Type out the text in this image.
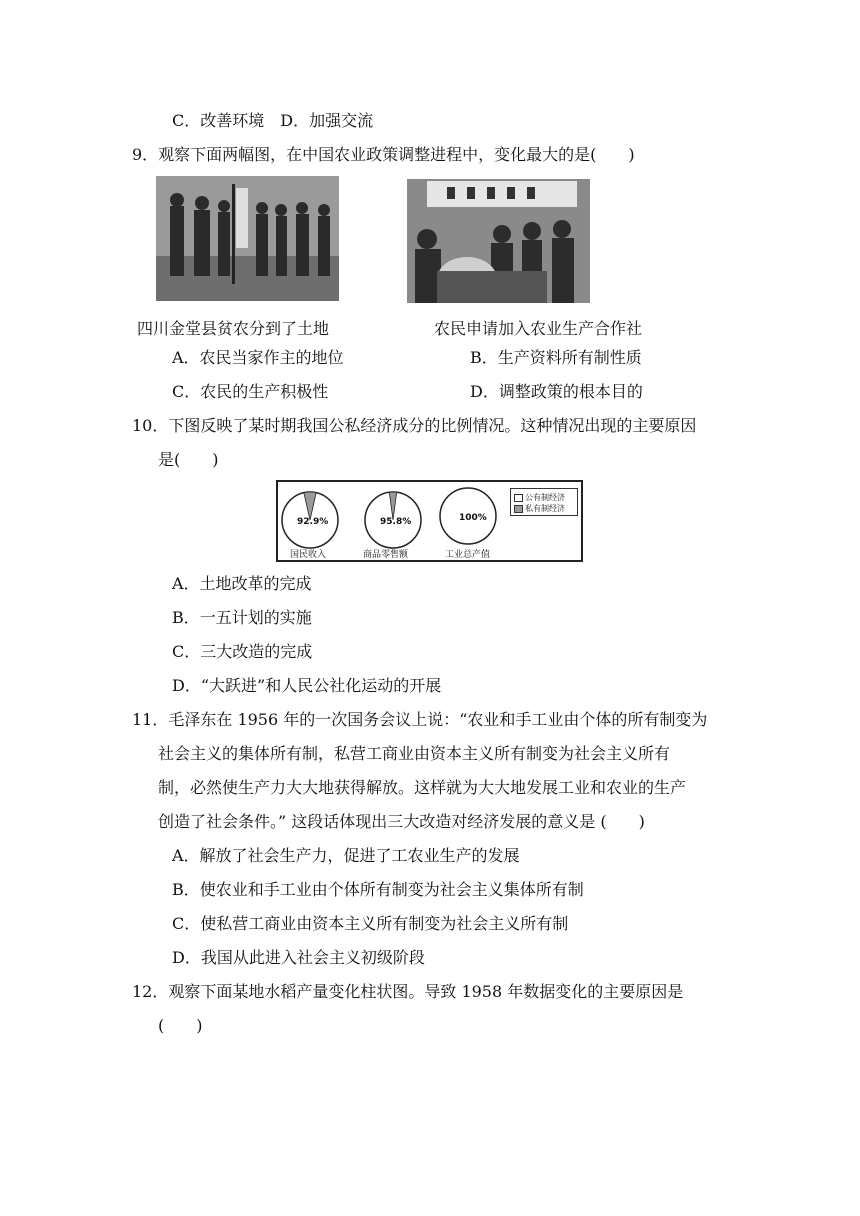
C．改善环境　D．加强交流
9．观察下面两幅图，在中国农业政策调整进程中，变化最大的是(　　)
四川金堂县贫农分到了土地	农民申请加入农业生产合作社
A．农民当家作主的地位	B．生产资料所有制性质
C．农民的生产积极性	D．调整政策的根本目的
10．下图反映了某时期我国公私经济成分的比例情况。这种情况出现的主要原因
是(　　)
92.9%	95.8%	100%
国民收入	商品零售额	工业总产值
公有制经济
私有制经济
A．土地改革的完成
B．一五计划的实施
C．三大改造的完成
D．“大跃进”和人民公社化运动的开展
11．毛泽东在 1956 年的一次国务会议上说：“农业和手工业由个体的所有制变为
社会主义的集体所有制，私营工商业由资本主义所有制变为社会主义所有
制，必然使生产力大大地获得解放。这样就为大大地发展工业和农业的生产
创造了社会条件。” 这段话体现出三大改造对经济发展的意义是 (　　)
A．解放了社会生产力，促进了工农业生产的发展
B．使农业和手工业由个体所有制变为社会主义集体所有制
C．使私营工商业由资本主义所有制变为社会主义所有制
D．我国从此进入社会主义初级阶段
12．观察下面某地水稻产量变化柱状图。导致 1958 年数据变化的主要原因是
(　　)
